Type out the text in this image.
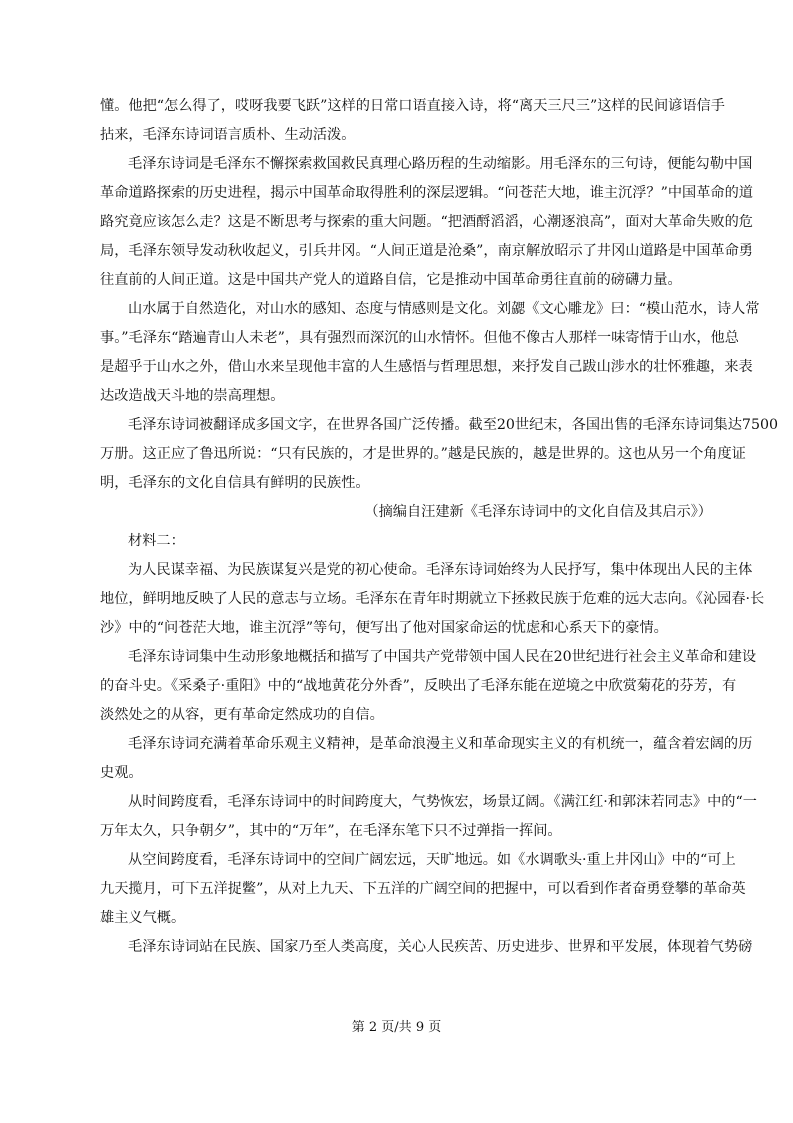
懂。他把“怎么得了，哎呀我要飞跃”这样的日常口语直接入诗，将“离天三尺三”这样的民间谚语信手
拈来，毛泽东诗词语言质朴、生动活泼。
毛泽东诗词是毛泽东不懈探索救国救民真理心路历程的生动缩影。用毛泽东的三句诗，便能勾勒中国
革命道路探索的历史进程，揭示中国革命取得胜利的深层逻辑。“问苍茫大地，谁主沉浮？”中国革命的道
路究竟应该怎么走？这是不断思考与探索的重大问题。“把酒酹滔滔，心潮逐浪高”，面对大革命失败的危
局，毛泽东领导发动秋收起义，引兵井冈。“人间正道是沧桑”，南京解放昭示了井冈山道路是中国革命勇
往直前的人间正道。这是中国共产党人的道路自信，它是推动中国革命勇往直前的磅礴力量。
山水属于自然造化，对山水的感知、态度与情感则是文化。刘勰《文心雕龙》曰：“模山范水，诗人常
事。”毛泽东“踏遍青山人未老”，具有强烈而深沉的山水情怀。但他不像古人那样一味寄情于山水，他总
是超乎于山水之外，借山水来呈现他丰富的人生感悟与哲理思想，来抒发自己跋山涉水的壮怀雅趣，来表
达改造战天斗地的崇高理想。
毛泽东诗词被翻译成多国文字，在世界各国广泛传播。截至20世纪末，各国出售的毛泽东诗词集达7500
万册。这正应了鲁迅所说：“只有民族的，才是世界的。”越是民族的，越是世界的。这也从另一个角度证
明，毛泽东的文化自信具有鲜明的民族性。
（摘编自汪建新《毛泽东诗词中的文化自信及其启示》）
材料二：
为人民谋幸福、为民族谋复兴是党的初心使命。毛泽东诗词始终为人民抒写，集中体现出人民的主体
地位，鲜明地反映了人民的意志与立场。毛泽东在青年时期就立下拯救民族于危难的远大志向。《沁园春·长
沙》中的“问苍茫大地，谁主沉浮”等句，便写出了他对国家命运的忧虑和心系天下的豪情。
毛泽东诗词集中生动形象地概括和描写了中国共产党带领中国人民在20世纪进行社会主义革命和建设
的奋斗史。《采桑子·重阳》中的“战地黄花分外香”，反映出了毛泽东能在逆境之中欣赏菊花的芬芳，有
淡然处之的从容，更有革命定然成功的自信。
毛泽东诗词充满着革命乐观主义精神，是革命浪漫主义和革命现实主义的有机统一，蕴含着宏阔的历
史观。
从时间跨度看，毛泽东诗词中的时间跨度大，气势恢宏，场景辽阔。《满江红·和郭沫若同志》中的“一
万年太久，只争朝夕”，其中的“万年”，在毛泽东笔下只不过弹指一挥间。
从空间跨度看，毛泽东诗词中的空间广阔宏远，天旷地远。如《水调歌头·重上井冈山》中的“可上
九天揽月，可下五洋捉鳖”，从对上九天、下五洋的广阔空间的把握中，可以看到作者奋勇登攀的革命英
雄主义气概。
毛泽东诗词站在民族、国家乃至人类高度，关心人民疾苦、历史进步、世界和平发展，体现着气势磅
第 2 页/共 9 页
